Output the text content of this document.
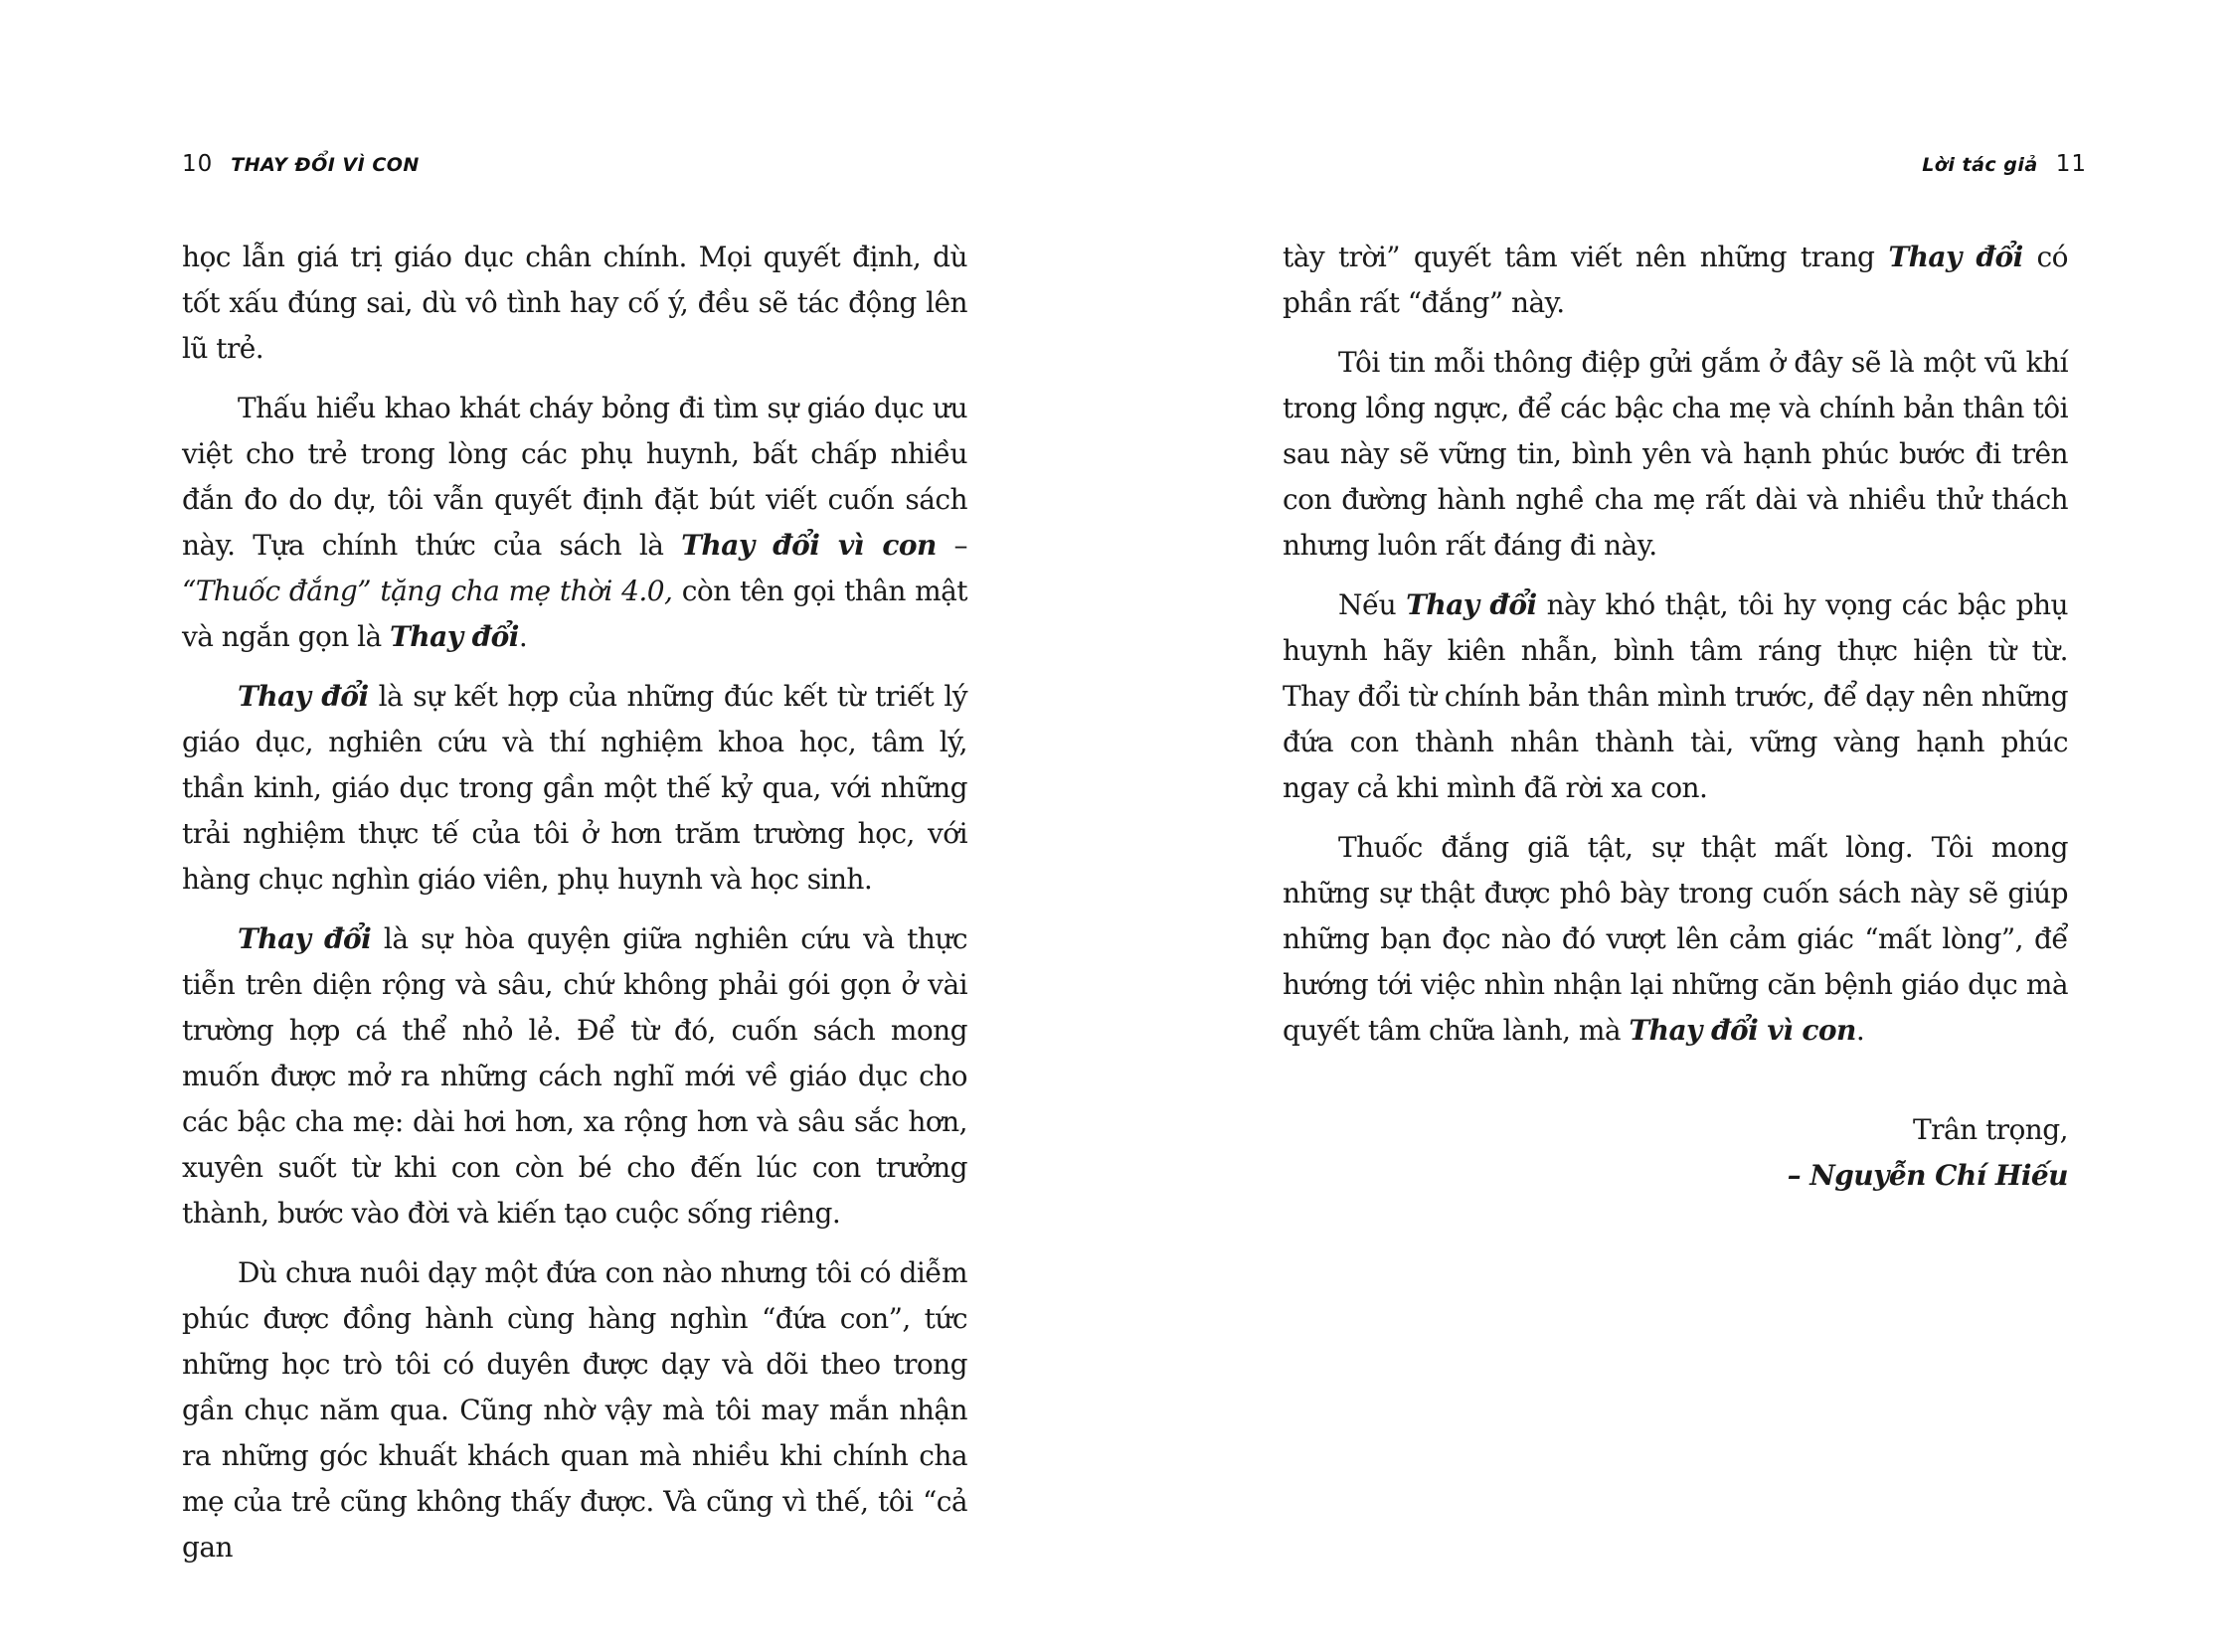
10 THAY ĐỔI VÌ CON

học lẫn giá trị giáo dục chân chính. Mọi quyết định, dù tốt xấu đúng sai, dù vô tình hay cố ý, đều sẽ tác động lên lũ trẻ.

Thấu hiểu khao khát cháy bỏng đi tìm sự giáo dục ưu việt cho trẻ trong lòng các phụ huynh, bất chấp nhiều đắn đo do dự, tôi vẫn quyết định đặt bút viết cuốn sách này. Tựa chính thức của sách là Thay đổi vì con – “Thuốc đắng” tặng cha mẹ thời 4.0, còn tên gọi thân mật và ngắn gọn là Thay đổi.

Thay đổi là sự kết hợp của những đúc kết từ triết lý giáo dục, nghiên cứu và thí nghiệm khoa học, tâm lý, thần kinh, giáo dục trong gần một thế kỷ qua, với những trải nghiệm thực tế của tôi ở hơn trăm trường học, với hàng chục nghìn giáo viên, phụ huynh và học sinh.

Thay đổi là sự hòa quyện giữa nghiên cứu và thực tiễn trên diện rộng và sâu, chứ không phải gói gọn ở vài trường hợp cá thể nhỏ lẻ. Để từ đó, cuốn sách mong muốn được mở ra những cách nghĩ mới về giáo dục cho các bậc cha mẹ: dài hơi hơn, xa rộng hơn và sâu sắc hơn, xuyên suốt từ khi con còn bé cho đến lúc con trưởng thành, bước vào đời và kiến tạo cuộc sống riêng.

Dù chưa nuôi dạy một đứa con nào nhưng tôi có diễm phúc được đồng hành cùng hàng nghìn “đứa con”, tức những học trò tôi có duyên được dạy và dõi theo trong gần chục năm qua. Cũng nhờ vậy mà tôi may mắn nhận ra những góc khuất khách quan mà nhiều khi chính cha mẹ của trẻ cũng không thấy được. Và cũng vì thế, tôi “cả gan

Lời tác giả 11

tày trời” quyết tâm viết nên những trang Thay đổi có phần rất “đắng” này.

Tôi tin mỗi thông điệp gửi gắm ở đây sẽ là một vũ khí trong lồng ngực, để các bậc cha mẹ và chính bản thân tôi sau này sẽ vững tin, bình yên và hạnh phúc bước đi trên con đường hành nghề cha mẹ rất dài và nhiều thử thách nhưng luôn rất đáng đi này.

Nếu Thay đổi này khó thật, tôi hy vọng các bậc phụ huynh hãy kiên nhẫn, bình tâm ráng thực hiện từ từ. Thay đổi từ chính bản thân mình trước, để dạy nên những đứa con thành nhân thành tài, vững vàng hạnh phúc ngay cả khi mình đã rời xa con.

Thuốc đắng giã tật, sự thật mất lòng. Tôi mong những sự thật được phô bày trong cuốn sách này sẽ giúp những bạn đọc nào đó vượt lên cảm giác “mất lòng”, để hướng tới việc nhìn nhận lại những căn bệnh giáo dục mà quyết tâm chữa lành, mà Thay đổi vì con.

Trân trọng,
– Nguyễn Chí Hiếu
